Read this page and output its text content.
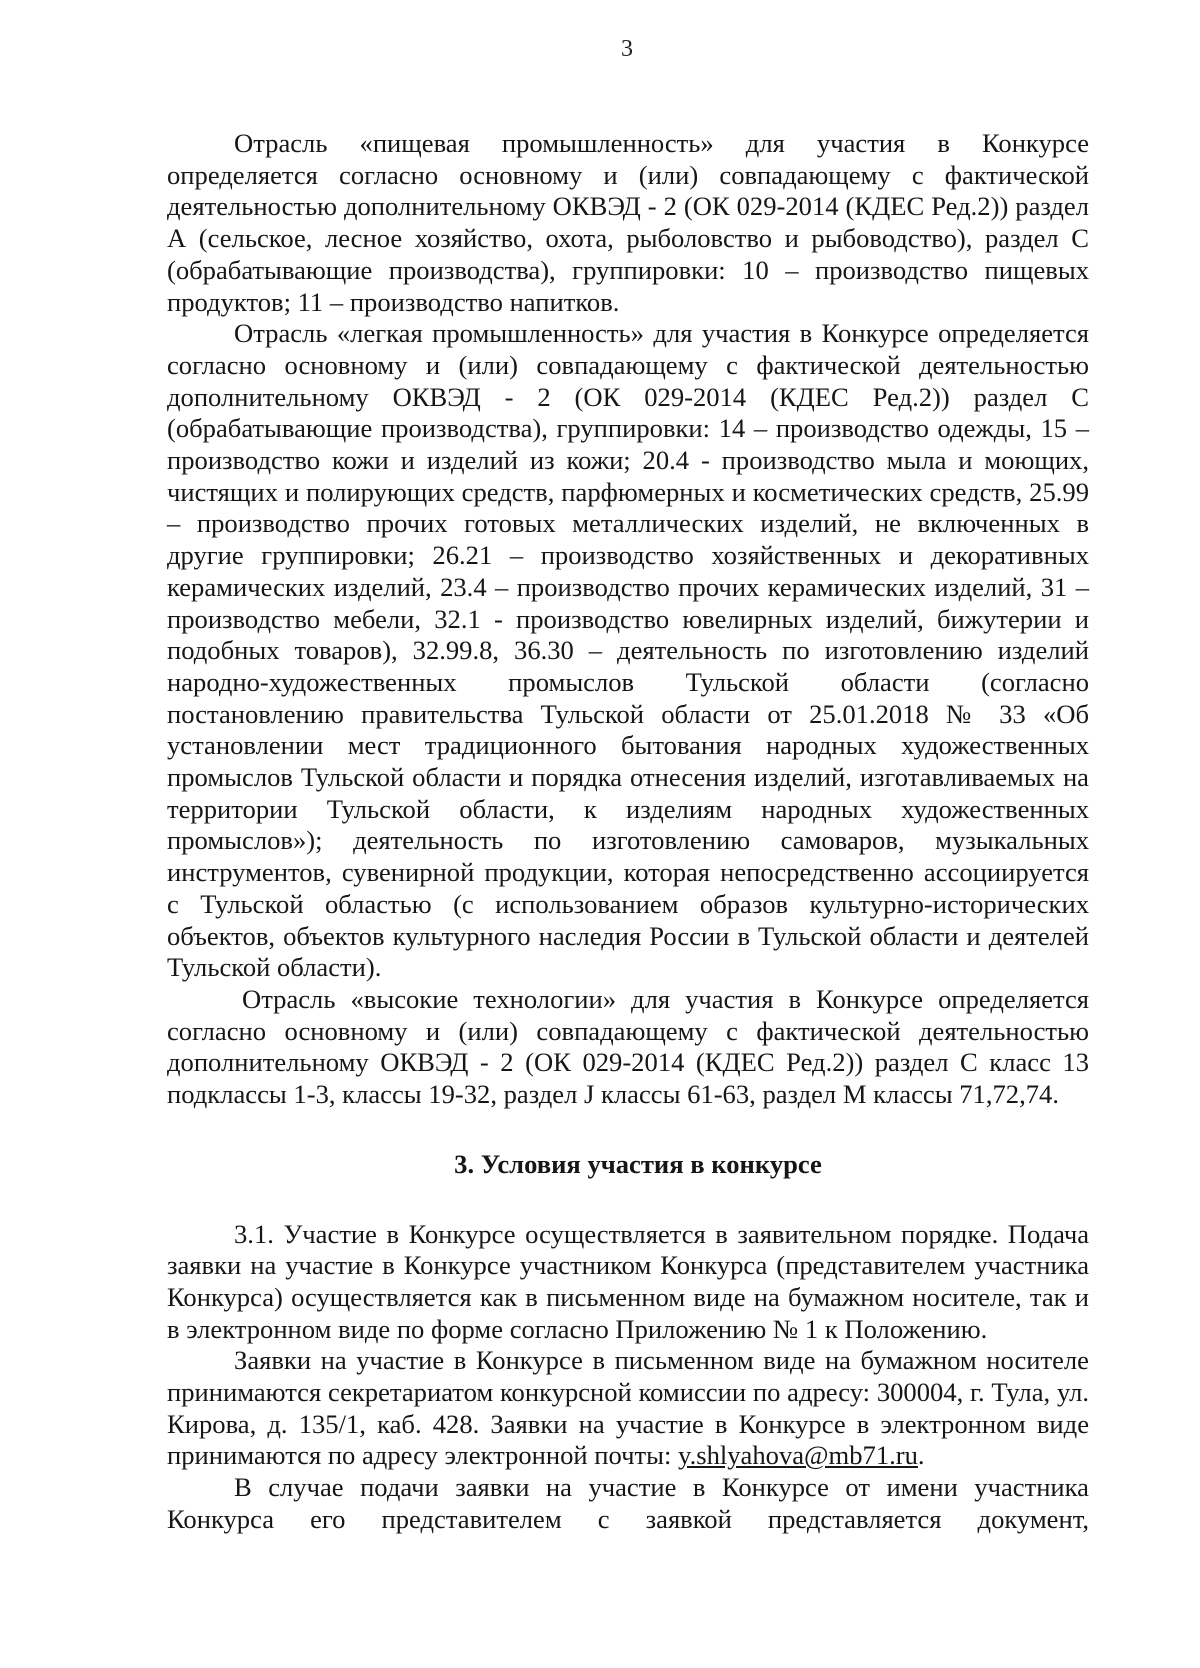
3

Отрасль «пищевая промышленность» для участия в Конкурсе определяется согласно основному и (или) совпадающему с фактической деятельностью дополнительному ОКВЭД - 2 (ОК 029-2014 (КДЕС Ред.2)) раздел А (сельское, лесное хозяйство, охота, рыболовство и рыбоводство), раздел С (обрабатывающие производства), группировки: 10 – производство пищевых продуктов; 11 – производство напитков.

Отрасль «легкая промышленность» для участия в Конкурсе определяется согласно основному и (или) совпадающему с фактической деятельностью дополнительному ОКВЭД - 2 (ОК 029-2014 (КДЕС Ред.2)) раздел С (обрабатывающие производства), группировки: 14 – производство одежды, 15 – производство кожи и изделий из кожи; 20.4 - производство мыла и моющих, чистящих и полирующих средств, парфюмерных и косметических средств, 25.99 – производство прочих готовых металлических изделий, не включенных в другие группировки; 26.21 – производство хозяйственных и декоративных керамических изделий, 23.4 – производство прочих керамических изделий, 31 – производство мебели, 32.1 - производство ювелирных изделий, бижутерии и подобных товаров), 32.99.8, 36.30 – деятельность по изготовлению изделий народно-художественных промыслов Тульской области (согласно постановлению правительства Тульской области от 25.01.2018 № 33 «Об установлении мест традиционного бытования народных художественных промыслов Тульской области и порядка отнесения изделий, изготавливаемых на территории Тульской области, к изделиям народных художественных промыслов»); деятельность по изготовлению самоваров, музыкальных инструментов, сувенирной продукции, которая непосредственно ассоциируется с Тульской областью (с использованием образов культурно-исторических объектов, объектов культурного наследия России в Тульской области и деятелей Тульской области).

Отрасль «высокие технологии» для участия в Конкурсе определяется согласно основному и (или) совпадающему с фактической деятельностью дополнительному ОКВЭД - 2 (ОК 029-2014 (КДЕС Ред.2)) раздел С класс 13 подклассы 1-3, классы 19-32, раздел J классы 61-63, раздел М классы 71,72,74.

3. Условия участия в конкурсе

3.1. Участие в Конкурсе осуществляется в заявительном порядке. Подача заявки на участие в Конкурсе участником Конкурса (представителем участника Конкурса) осуществляется как в письменном виде на бумажном носителе, так и в электронном виде по форме согласно Приложению № 1 к Положению.

Заявки на участие в Конкурсе в письменном виде на бумажном носителе принимаются секретариатом конкурсной комиссии по адресу: 300004, г. Тула, ул. Кирова, д. 135/1, каб. 428. Заявки на участие в Конкурсе в электронном виде принимаются по адресу электронной почты: y.shlyahova@mb71.ru.

В случае подачи заявки на участие в Конкурсе от имени участника Конкурса его представителем с заявкой представляется документ,
